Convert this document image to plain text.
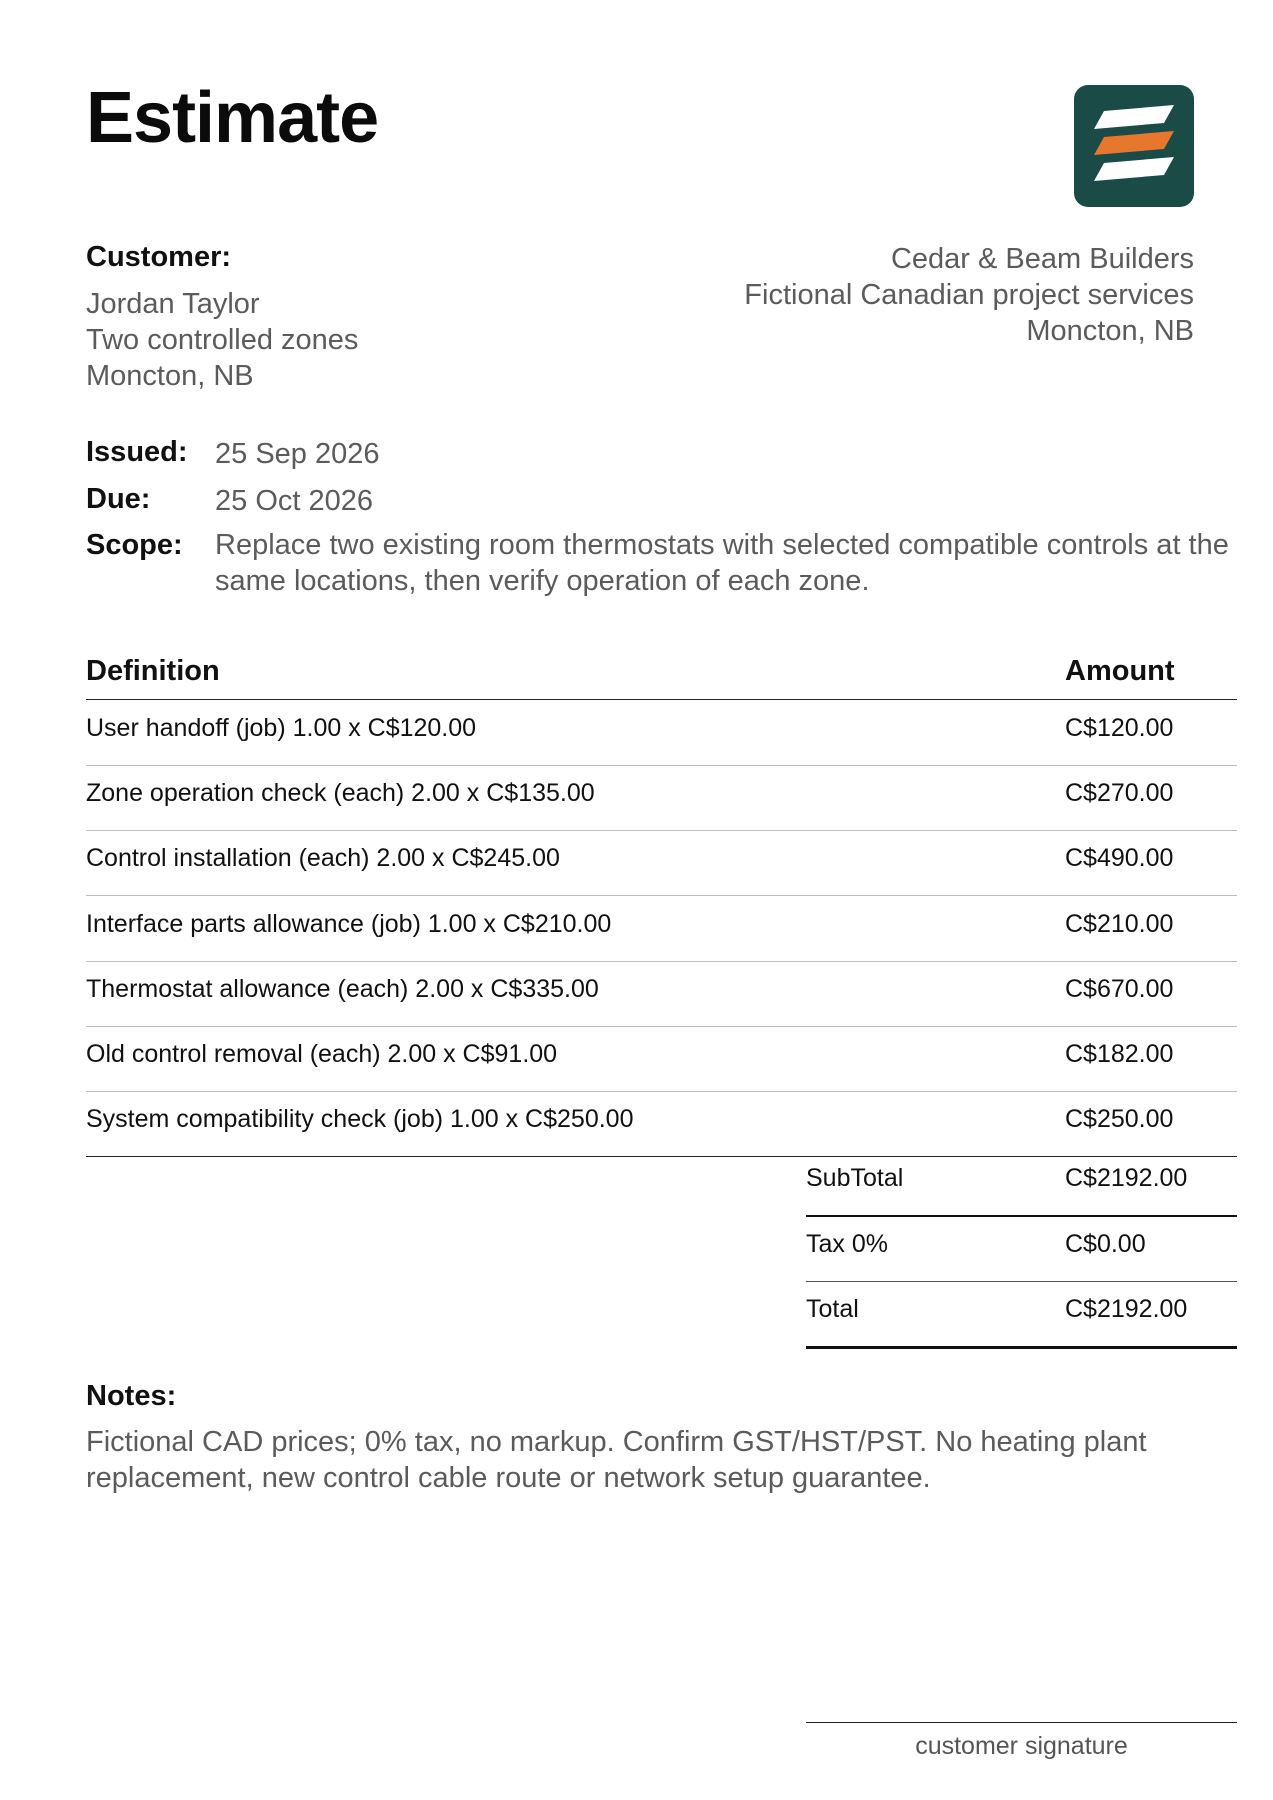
Estimate
Customer:
Jordan Taylor
Two controlled zones
Moncton, NB
Cedar & Beam Builders
Fictional Canadian project services
Moncton, NB
Issued: 25 Sep 2026
Due: 25 Oct 2026
Scope: Replace two existing room thermostats with selected compatible controls at the same locations, then verify operation of each zone.
Definition	Amount
User handoff (job) 1.00 x C$120.00	C$120.00
Zone operation check (each) 2.00 x C$135.00	C$270.00
Control installation (each) 2.00 x C$245.00	C$490.00
Interface parts allowance (job) 1.00 x C$210.00	C$210.00
Thermostat allowance (each) 2.00 x C$335.00	C$670.00
Old control removal (each) 2.00 x C$91.00	C$182.00
System compatibility check (job) 1.00 x C$250.00	C$250.00
SubTotal	C$2192.00
Tax 0%	C$0.00
Total	C$2192.00
Notes:
Fictional CAD prices; 0% tax, no markup. Confirm GST/HST/PST. No heating plant replacement, new control cable route or network setup guarantee.
customer signature
